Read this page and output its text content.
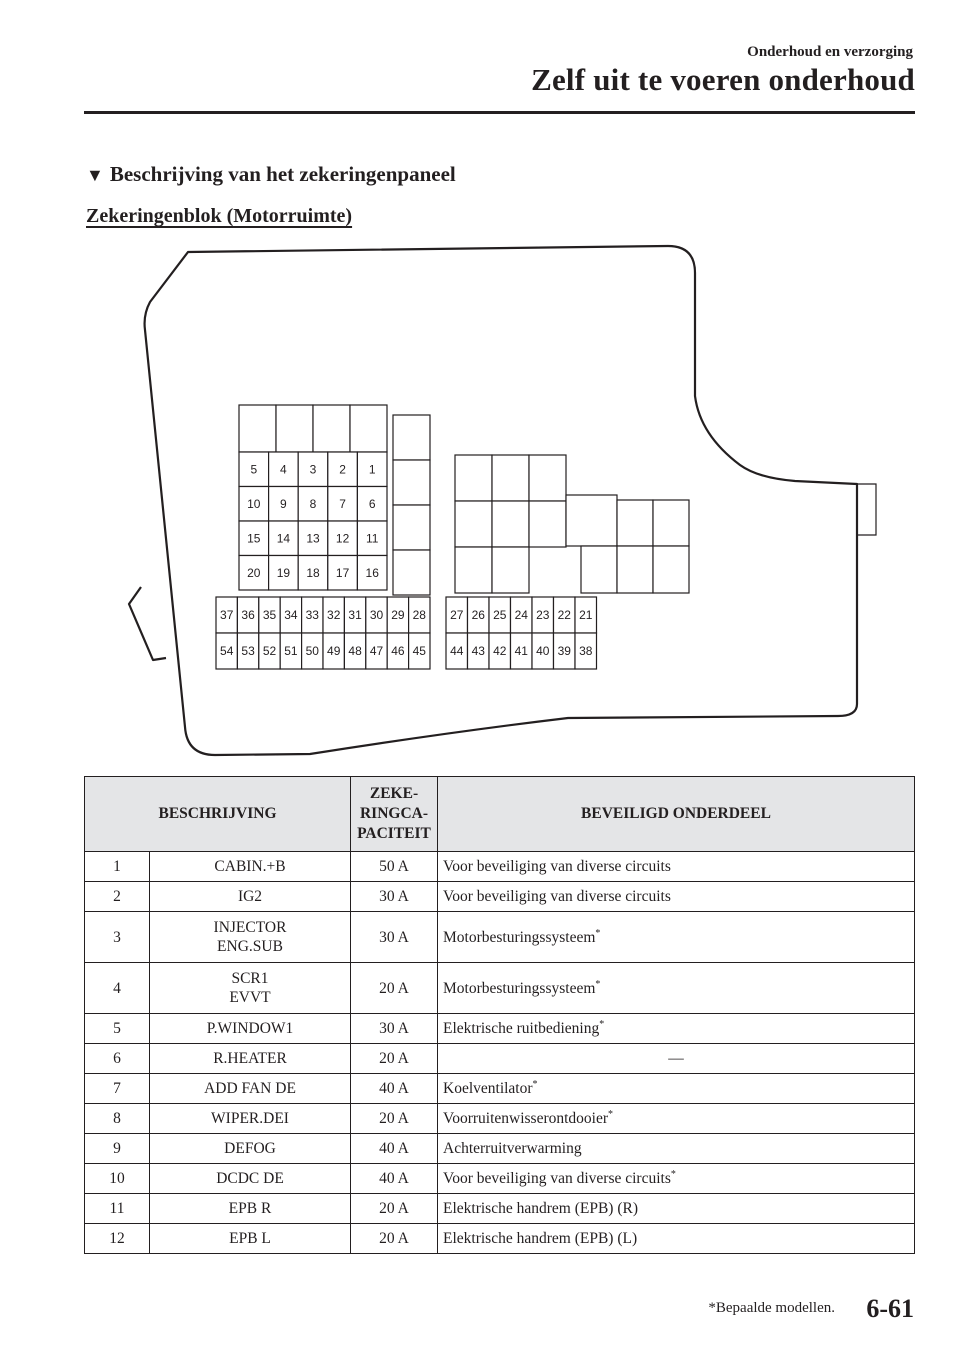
Onderhoud en verzorging
Zelf uit te voeren onderhoud
▼ Beschrijving van het zekeringenpaneel
Zekeringenblok (Motorruimte)
5 4 3 2 1
10 9 8 7 6
15 14 13 12 11
20 19 18 17 16
37 36 35 34 33 32 31 30 29 28
54 53 52 51 50 49 48 47 46 45
27 26 25 24 23 22 21
44 43 42 41 40 39 38
BESCHRIJVING		ZEKE-
RINGCA-
PACITEIT	BEVEILIGD ONDERDEEL
1	CABIN.+B	50 A	Voor beveiliging van diverse circuits
2	IG2	30 A	Voor beveiliging van diverse circuits
3	INJECTOR
ENG.SUB	30 A	Motorbesturingssysteem*
4	SCR1
EVVT	20 A	Motorbesturingssysteem*
5	P.WINDOW1	30 A	Elektrische ruitbediening*
6	R.HEATER	20 A	—
7	ADD FAN DE	40 A	Koelventilator*
8	WIPER.DEI	20 A	Voorruitenwisserontdooier*
9	DEFOG	40 A	Achterruitverwarming
10	DCDC DE	40 A	Voor beveiliging van diverse circuits*
11	EPB R	20 A	Elektrische handrem (EPB) (R)
12	EPB L	20 A	Elektrische handrem (EPB) (L)
*Bepaalde modellen. 6-61
